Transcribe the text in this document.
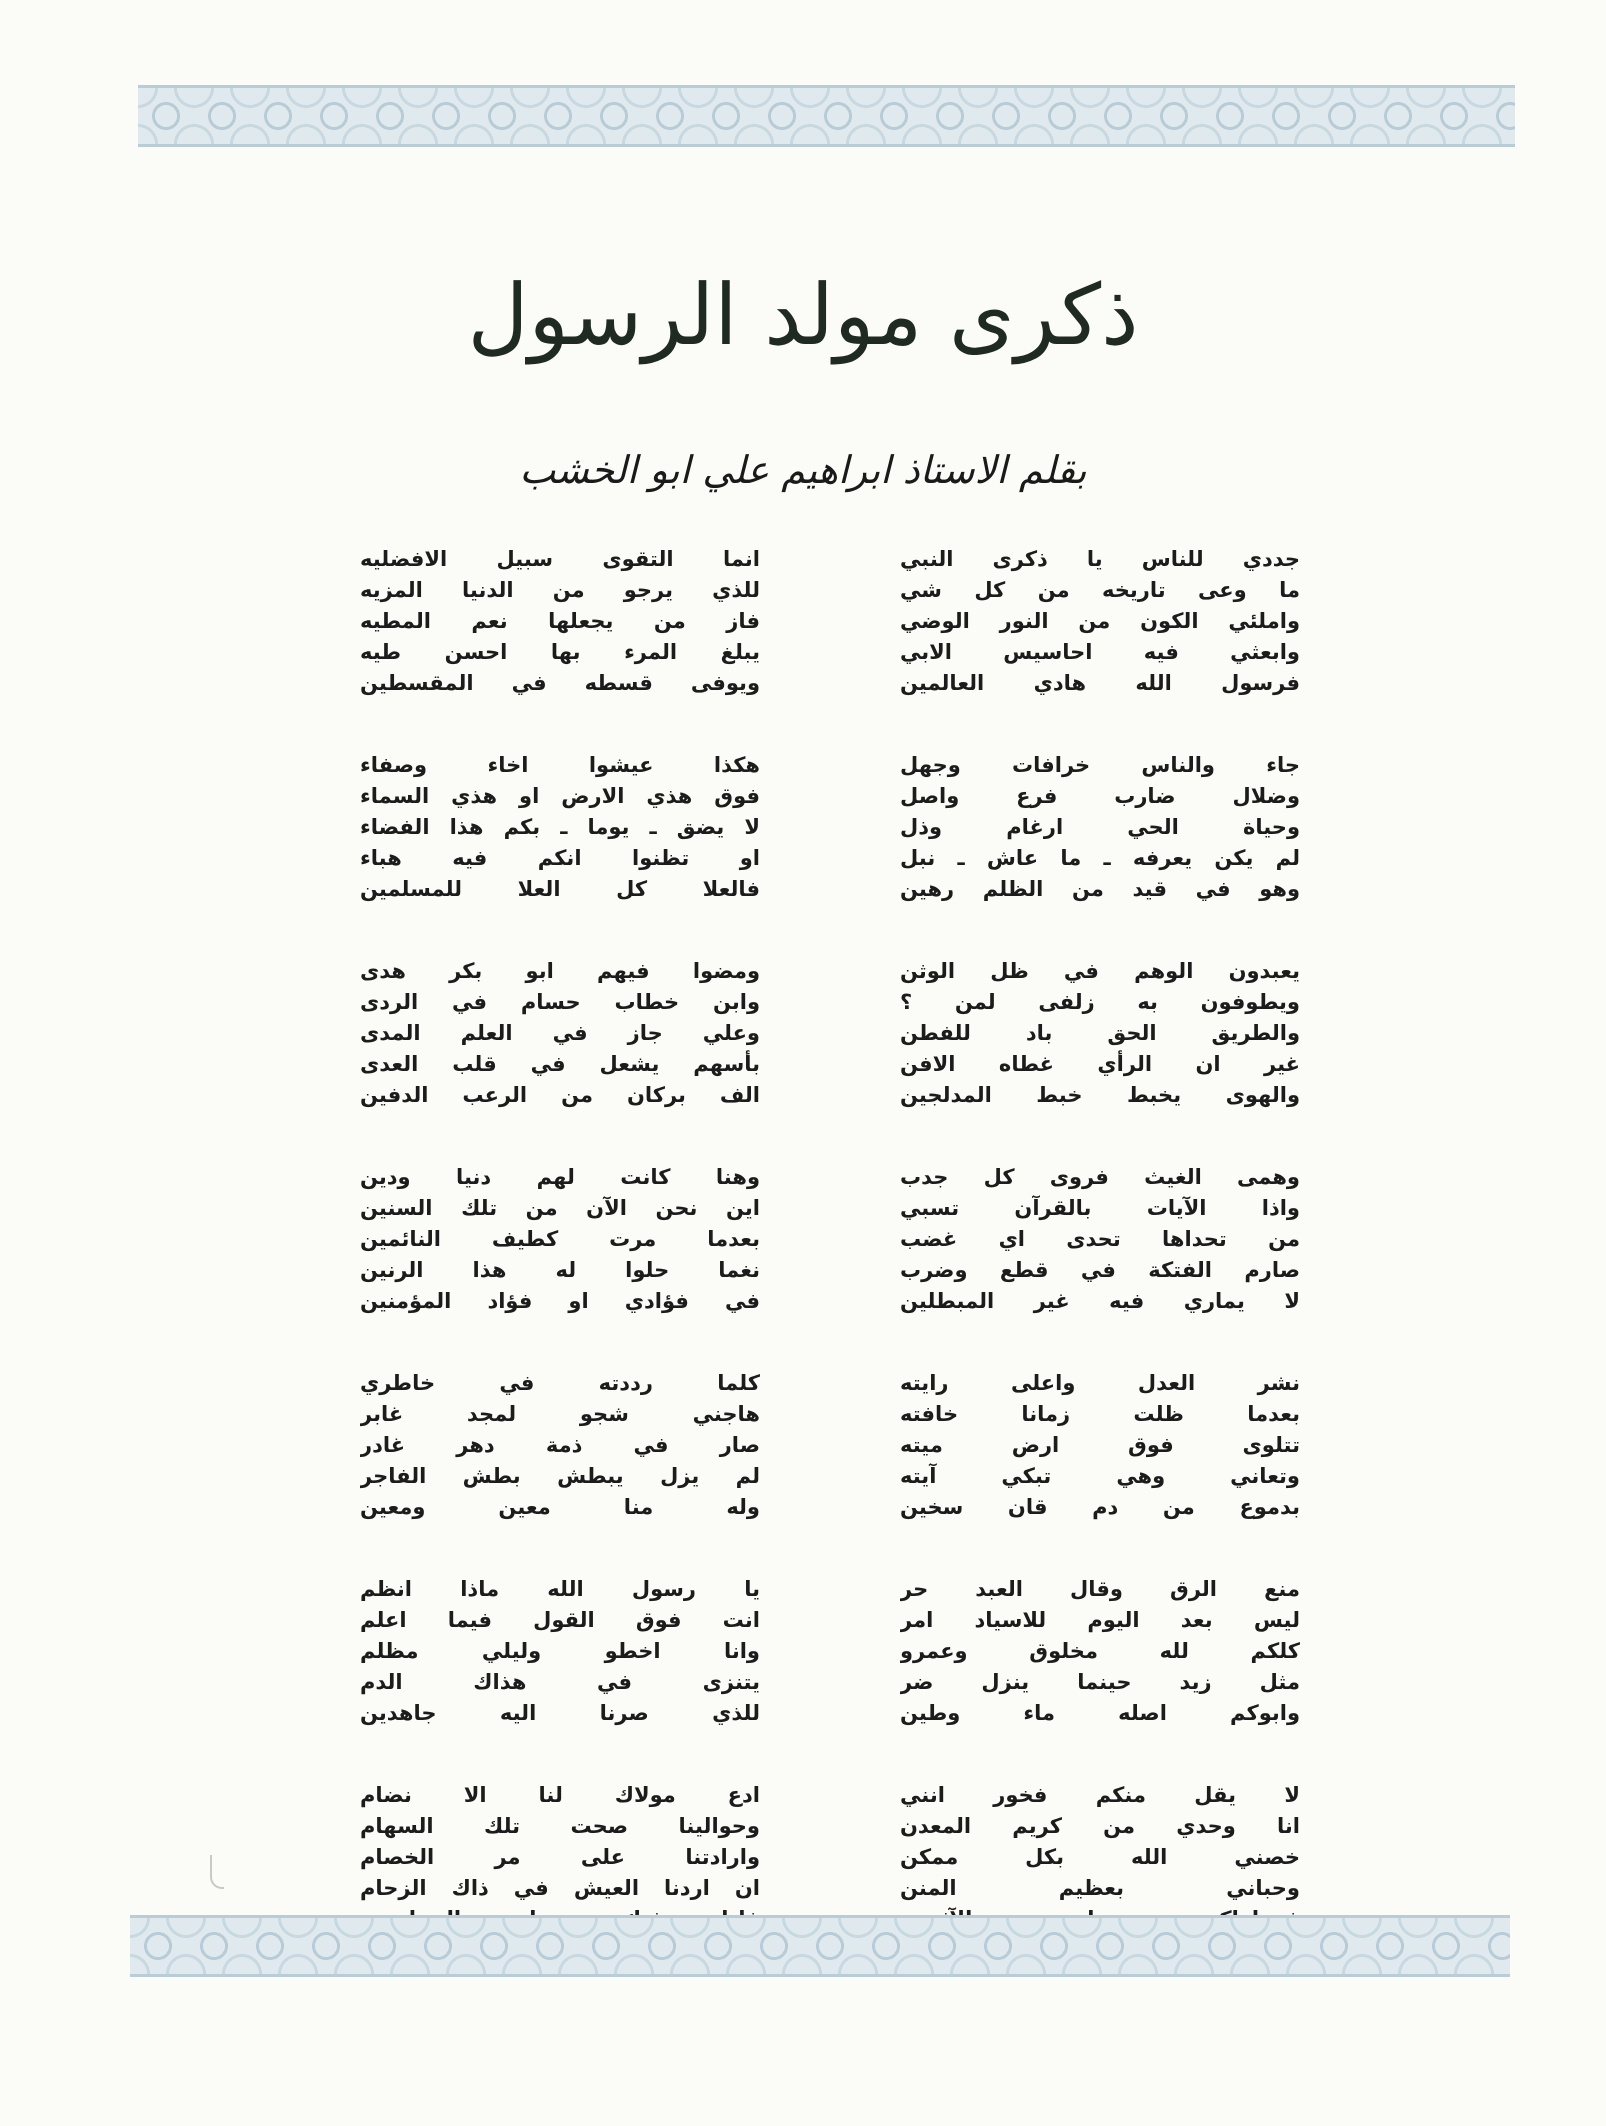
ذكرى مولد الرسول
بقلم الاستاذ ابراهيم علي ابو الخشب
جددي للناس يا ذكرى النبي
ما وعى تاريخه من كل شي
واملئي الكون من النور الوضي
وابعثي فيه احاسيس الابي
فرسول الله هادي العالمين
جاء والناس خرافات وجهل
وضلال ضارب فرع واصل
وحياة الحي ارغام وذل
لم يكن يعرفه ـ ما عاش ـ نبل
وهو في قيد من الظلم رهين
يعبدون الوهم في ظل الوثن
ويطوفون به زلفى لمن ؟
والطريق الحق باد للفطن
غير ان الرأي غطاه الافن
والهوى يخبط خبط المدلجين
وهمى الغيث فروى كل جدب
واذا الآيات بالقرآن تسبي
من تحداها تحدى اي غضب
صارم الفتكة في قطع وضرب
لا يماري فيه غير المبطلين
نشر العدل واعلى رايته
بعدما ظلت زمانا خافته
تتلوى فوق ارض ميته
وتعاني وهي تبكي آيته
بدموع من دم قان سخين
منع الرق وقال العبد حر
ليس بعد اليوم للاسياد امر
كلكم لله مخلوق وعمرو
مثل زيد حينما ينزل ضر
وابوكم اصله ماء وطين
لا يقل منكم فخور انني
انا وحدي من كريم المعدن
خصني الله بكل ممكن
وحباني بعظيم المنن
انما التقوى سبيل الافضليه
للذي يرجو من الدنيا المزيه
فاز من يجعلها نعم المطيه
يبلغ المرء بها احسن طيه
ويوفى قسطه في المقسطين
هكذا عيشوا اخاء وصفاء
فوق هذي الارض او هذي السماء
لا يضق ـ يوما ـ بكم هذا الفضاء
او تظنوا انكم فيه هباء
فالعلا كل العلا للمسلمين
ومضوا فيهم ابو بكر هدى
وابن خطاب حسام في الردى
وعلي جاز في العلم المدى
بأسهم يشعل في قلب العدى
الف بركان من الرعب الدفين
وهنا كانت لهم دنيا ودين
اين نحن الآن من تلك السنين
بعدما مرت كطيف النائمين
نغما حلوا له هذا الرنين
في فؤادي او فؤاد المؤمنين
كلما رددته في خاطري
هاجني شجو لمجد غابر
صار في ذمة دهر غادر
لم يزل يبطش بطش الفاجر
وله منا معين ومعين
يا رسول الله ماذا انظم
انت فوق القول فيما اعلم
وانا اخطو وليلي مظلم
يتنزى في هذاك الدم
للذي صرنا اليه جاهدين
ادع مولاك لنا الا نضام
وحوالينا صحت تلك السهام
وارادتنا على مر الخصام
ان اردنا العيش في ذاك الزحام
